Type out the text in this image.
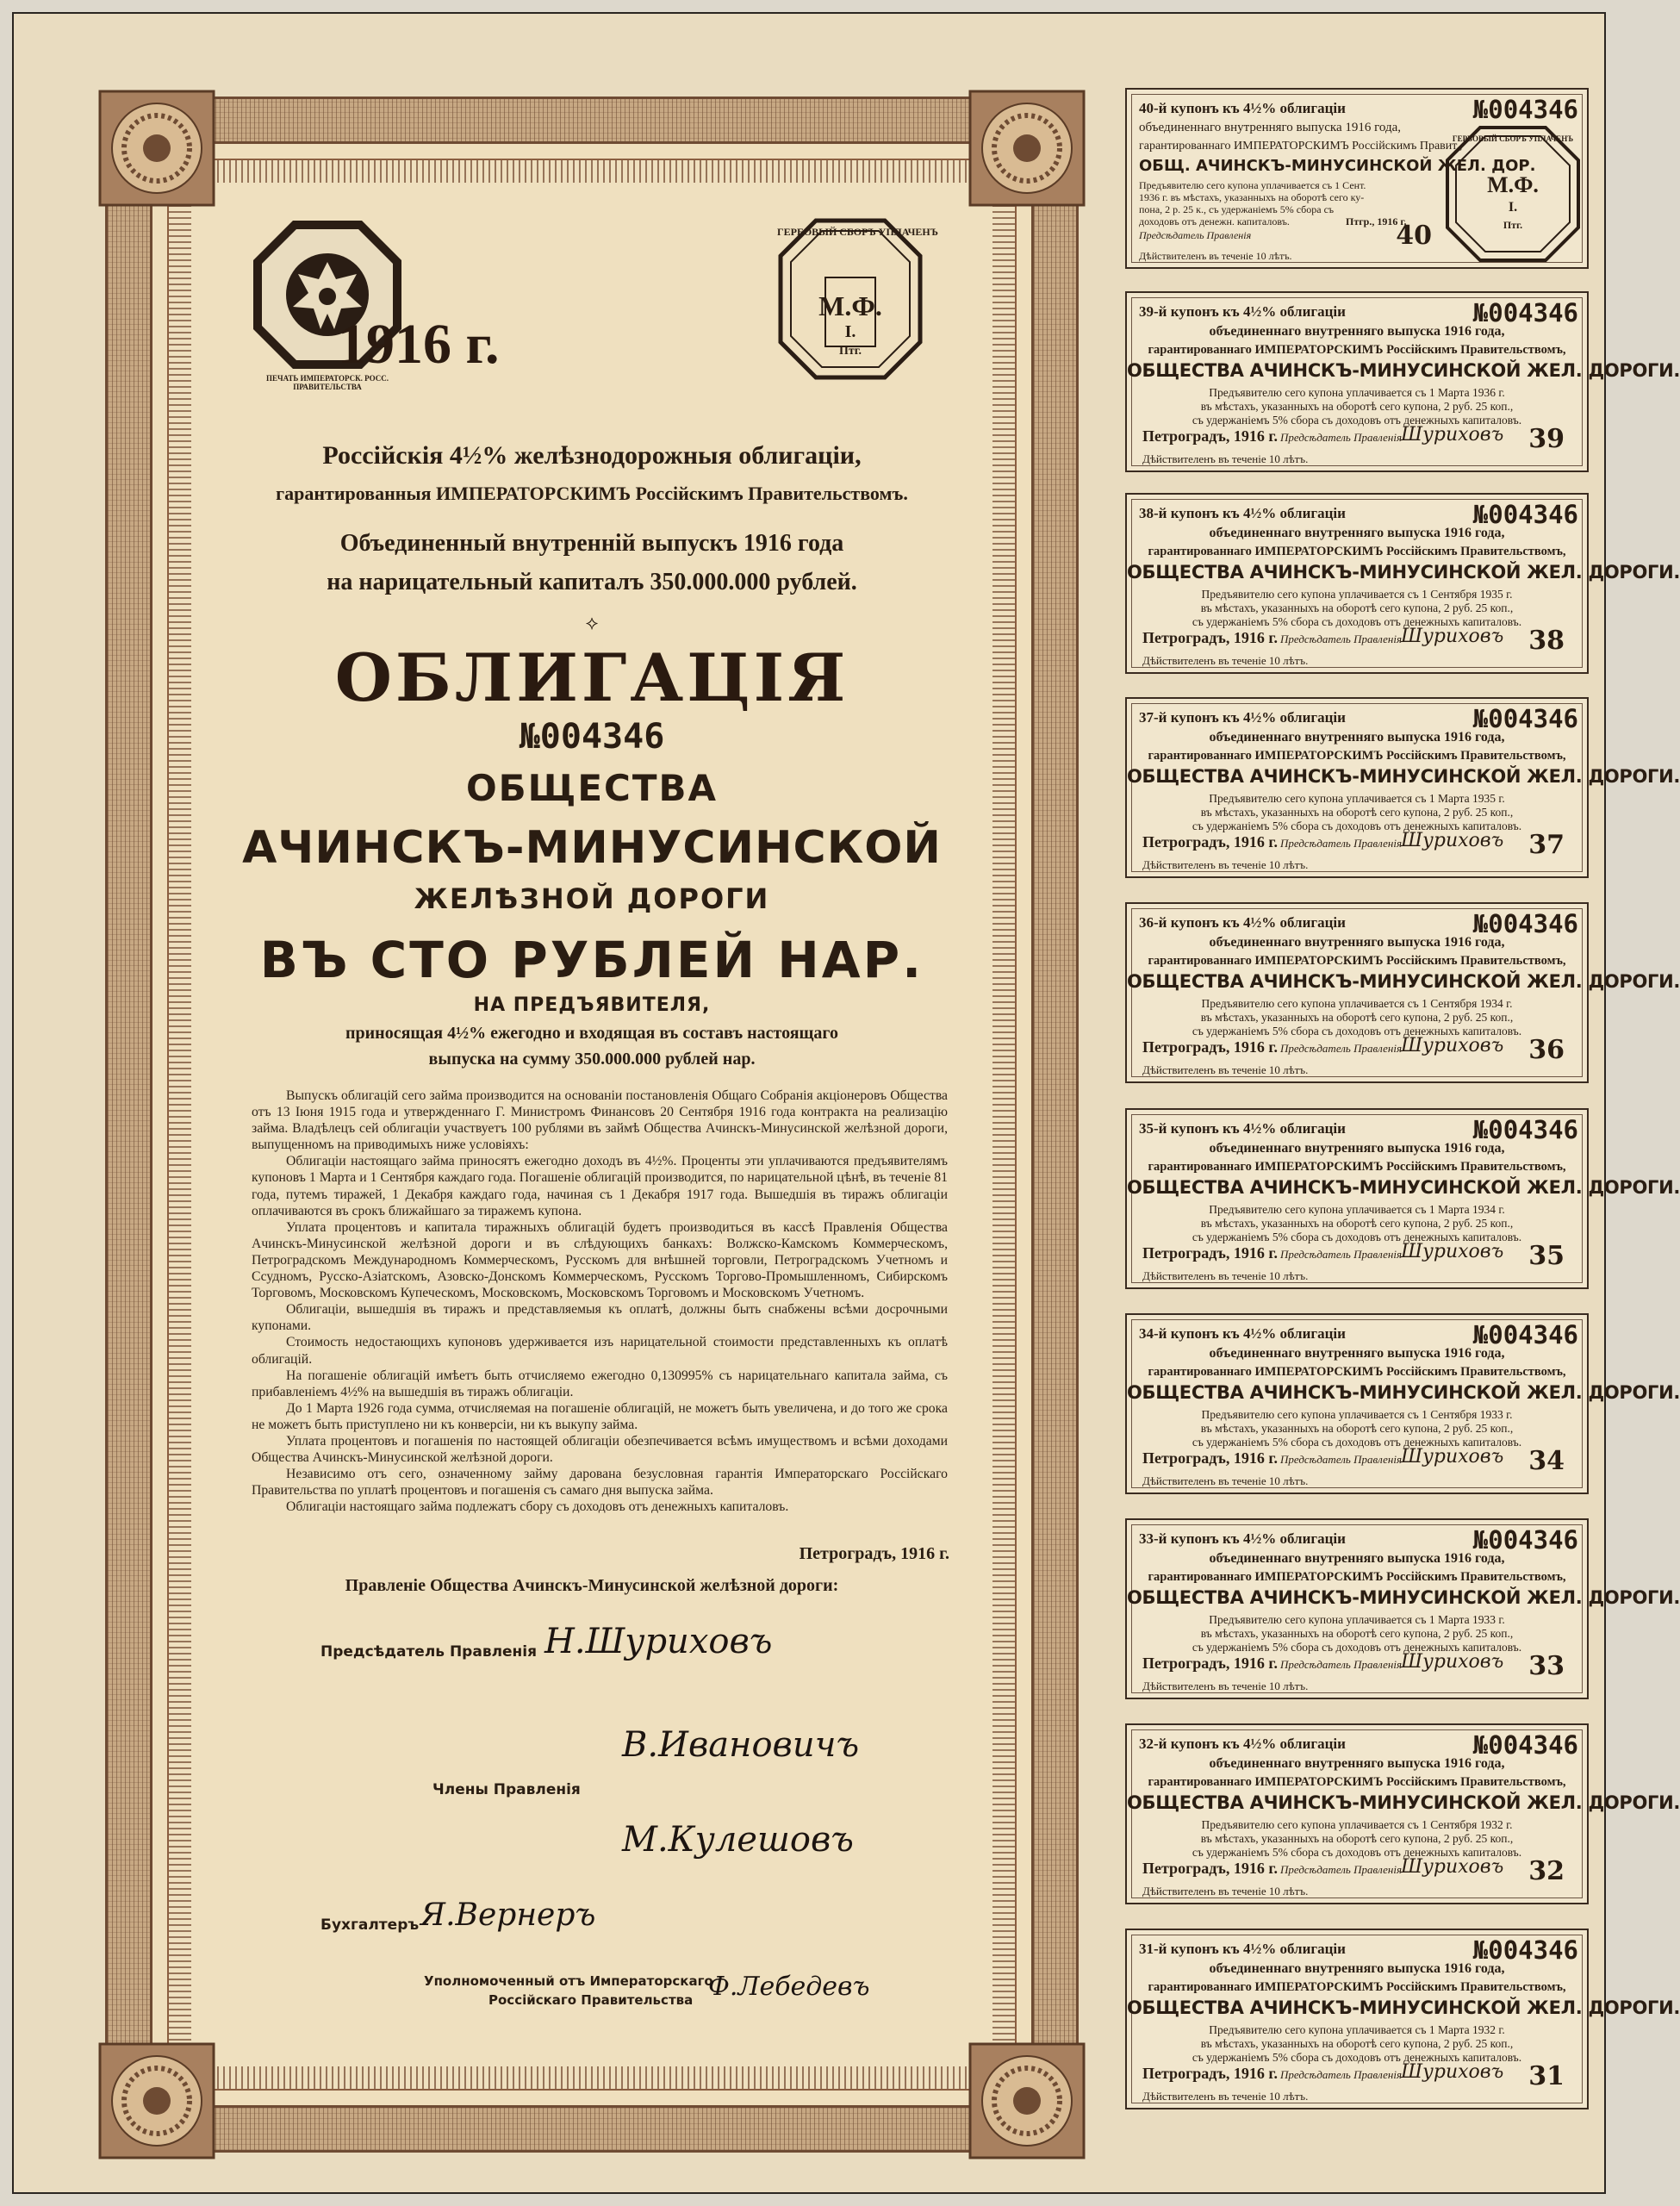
ГЕРБОВЫЙ СБОРЪ УПЛАЧЕНЪ
М.Ф.
I.
Птг.
ПЕЧАТЬ ИМПЕРАТОРСК. РОСС. ПРАВИТЕЛЬСТВА
1916 г.
Россiйскiя 4½% желѣзнодорожныя облигацiи,
гарантированныя ИМПЕРАТОРСКИМЪ Россiйскимъ Правительствомъ.
Объединенный внутреннiй выпускъ 1916 года
на нарицательный капиталъ 350.000.000 рублей.
⟡
ОБЛИГАЦIЯ
№004346
ОБЩЕСТВА
АЧИНСКЪ-МИНУСИНСКОЙ
ЖЕЛѢЗНОЙ ДОРОГИ
ВЪ СТО РУБЛЕЙ НАР.
НА ПРЕДЪЯВИТЕЛЯ,
приносящая 4½% ежегодно и входящая въ составъ настоящаго
выпуска на сумму 350.000.000 рублей нар.

Выпускъ облигацiй сего займа производится на основанiи постановленiя Общаго Собранiя акцiонеровъ Общества отъ 13 Iюня 1915 года и утвержденнаго Г. Министромъ Финансовъ 20 Сентября 1916 года контракта на реализацiю займа. Владѣлецъ сей облигацiи участвуетъ 100 рублями въ займѣ Общества Ачинскъ-Минусинской желѣзной дороги, выпущенномъ на приводимыхъ ниже условiяхъ:

Облигацiи настоящаго займа приносятъ ежегодно доходъ въ 4½%. Проценты эти уплачиваются предъявителямъ купоновъ 1 Марта и 1 Сентября каждаго года. Погашенiе облигацiй производится, по нарицательной цѣнѣ, въ теченiе 81 года, путемъ тиражей, 1 Декабря каждаго года, начиная съ 1 Декабря 1917 года. Вышедшiя въ тиражъ облигацiи оплачиваются въ срокъ ближайшаго за тиражемъ купона.

Уплата процентовъ и капитала тиражныхъ облигацiй будетъ производиться въ кассѣ Правленiя Общества Ачинскъ-Минусинской желѣзной дороги и въ слѣдующихъ банкахъ: Волжско-Камскомъ Коммерческомъ, Петроградскомъ Международномъ Коммерческомъ, Русскомъ для внѣшней торговли, Петроградскомъ Учетномъ и Ссудномъ, Русско-Азiатскомъ, Азовско-Донскомъ Коммерческомъ, Русскомъ Торгово-Промышленномъ, Сибирскомъ Торговомъ, Московскомъ Купеческомъ, Московскомъ, Московскомъ Торговомъ и Московскомъ Учетномъ.

Облигацiи, вышедшiя въ тиражъ и представляемыя къ оплатѣ, должны быть снабжены всѣми досрочными купонами.

Стоимость недостающихъ купоновъ удерживается изъ нарицательной стоимости представленныхъ къ оплатѣ облигацiй.

На погашенiе облигацiй имѣетъ быть отчисляемо ежегодно 0,130995% съ нарицательнаго капитала займа, съ прибавленiемъ 4½% на вышедшiя въ тиражъ облигацiи.

До 1 Марта 1926 года сумма, отчисляемая на погашенiе облигацiй, не можетъ быть увеличена, и до того же срока не можетъ быть приступлено ни къ конверсiи, ни къ выкупу займа.

Уплата процентовъ и погашенiя по настоящей облигацiи обезпечивается всѣмъ имуществомъ и всѣми доходами Общества Ачинскъ-Минусинской желѣзной дороги.

Независимо отъ сего, означенному займу дарована безусловная гарантiя Императорскаго Россiйскаго Правительства по уплатѣ процентовъ и погашенiя съ самаго дня выпуска займа.

Облигацiи настоящаго займа подлежатъ сбору съ доходовъ отъ денежныхъ капиталовъ.

Петроградъ, 1916 г.
Правленiе Общества Ачинскъ-Минусинской желѣзной дороги:
Предсѣдатель Правленiя Н.Шуриховъ
Члены Правленiя
В.Ивановичъ
М.Кулешовъ
Бухгалтеръ Я.Вернеръ
Уполномоченный отъ Императорскаго
Россiйскаго Правительства Ф.Лебедевъ
40-й купонъ къ 4½% облигацiи	№004346
объединеннаго внутренняго выпуска 1916 года,
гарантированнаго ИМПЕРАТОРСКИМЪ Россiйскимъ Правит.,
ОБЩ. АЧИНСКЪ-МИНУСИНСКОЙ ЖЕЛ. ДОР.
Предъявителю сего купона уплачивается съ 1 Сент.
1936 г. въ мѣстахъ, указанныхъ на оборотѣ сего ку-
пона, 2 р. 25 к., съ удержанiемъ 5% сбора съ
доходовъ отъ денежн. капиталовъ.	Птгр., 1916 г.
Предсѣдатель Правленiя
Дѣйствителенъ въ теченiе 10 лѣтъ.
40
ГЕРБОВЫЙ СБОРЪ УПЛАЧЕНЪ
М.Ф.
I.
Птг.
39-й купонъ къ 4½% облигацiи	№004346
объединеннаго внутренняго выпуска 1916 года,
гарантированнаго ИМПЕРАТОРСКИМЪ Россiйскимъ Правительствомъ,
ОБЩЕСТВА АЧИНСКЪ-МИНУСИНСКОЙ ЖЕЛ. ДОРОГИ.
Предъявителю сего купона уплачивается съ 1 Марта 1936 г.
въ мѣстахъ, указанныхъ на оборотѣ сего купона, 2 руб. 25 коп.,
съ удержанiемъ 5% сбора съ доходовъ отъ денежныхъ капиталовъ.
Петроградъ, 1916 г. Предсѣдатель Правленiя Шуриховъ
Дѣйствителенъ въ теченiе 10 лѣтъ.
39
38-й купонъ къ 4½% облигацiи	№004346
объединеннаго внутренняго выпуска 1916 года,
гарантированнаго ИМПЕРАТОРСКИМЪ Россiйскимъ Правительствомъ,
ОБЩЕСТВА АЧИНСКЪ-МИНУСИНСКОЙ ЖЕЛ. ДОРОГИ.
Предъявителю сего купона уплачивается съ 1 Сентября 1935 г.
въ мѣстахъ, указанныхъ на оборотѣ сего купона, 2 руб. 25 коп.,
съ удержанiемъ 5% сбора съ доходовъ отъ денежныхъ капиталовъ.
Петроградъ, 1916 г. Предсѣдатель Правленiя Шуриховъ
Дѣйствителенъ въ теченiе 10 лѣтъ.
38
37-й купонъ къ 4½% облигацiи	№004346
объединеннаго внутренняго выпуска 1916 года,
гарантированнаго ИМПЕРАТОРСКИМЪ Россiйскимъ Правительствомъ,
ОБЩЕСТВА АЧИНСКЪ-МИНУСИНСКОЙ ЖЕЛ. ДОРОГИ.
Предъявителю сего купона уплачивается съ 1 Марта 1935 г.
въ мѣстахъ, указанныхъ на оборотѣ сего купона, 2 руб. 25 коп.,
съ удержанiемъ 5% сбора съ доходовъ отъ денежныхъ капиталовъ.
Петроградъ, 1916 г. Предсѣдатель Правленiя Шуриховъ
Дѣйствителенъ въ теченiе 10 лѣтъ.
37
36-й купонъ къ 4½% облигацiи	№004346
объединеннаго внутренняго выпуска 1916 года,
гарантированнаго ИМПЕРАТОРСКИМЪ Россiйскимъ Правительствомъ,
ОБЩЕСТВА АЧИНСКЪ-МИНУСИНСКОЙ ЖЕЛ. ДОРОГИ.
Предъявителю сего купона уплачивается съ 1 Сентября 1934 г.
въ мѣстахъ, указанныхъ на оборотѣ сего купона, 2 руб. 25 коп.,
съ удержанiемъ 5% сбора съ доходовъ отъ денежныхъ капиталовъ.
Петроградъ, 1916 г. Предсѣдатель Правленiя Шуриховъ
Дѣйствителенъ въ теченiе 10 лѣтъ.
36
35-й купонъ къ 4½% облигацiи	№004346
объединеннаго внутренняго выпуска 1916 года,
гарантированнаго ИМПЕРАТОРСКИМЪ Россiйскимъ Правительствомъ,
ОБЩЕСТВА АЧИНСКЪ-МИНУСИНСКОЙ ЖЕЛ. ДОРОГИ.
Предъявителю сего купона уплачивается съ 1 Марта 1934 г.
въ мѣстахъ, указанныхъ на оборотѣ сего купона, 2 руб. 25 коп.,
съ удержанiемъ 5% сбора съ доходовъ отъ денежныхъ капиталовъ.
Петроградъ, 1916 г. Предсѣдатель Правленiя Шуриховъ
Дѣйствителенъ въ теченiе 10 лѣтъ.
35
34-й купонъ къ 4½% облигацiи	№004346
объединеннаго внутренняго выпуска 1916 года,
гарантированнаго ИМПЕРАТОРСКИМЪ Россiйскимъ Правительствомъ,
ОБЩЕСТВА АЧИНСКЪ-МИНУСИНСКОЙ ЖЕЛ. ДОРОГИ.
Предъявителю сего купона уплачивается съ 1 Сентября 1933 г.
въ мѣстахъ, указанныхъ на оборотѣ сего купона, 2 руб. 25 коп.,
съ удержанiемъ 5% сбора съ доходовъ отъ денежныхъ капиталовъ.
Петроградъ, 1916 г. Предсѣдатель Правленiя Шуриховъ
Дѣйствителенъ въ теченiе 10 лѣтъ.
34
33-й купонъ къ 4½% облигацiи	№004346
объединеннаго внутренняго выпуска 1916 года,
гарантированнаго ИМПЕРАТОРСКИМЪ Россiйскимъ Правительствомъ,
ОБЩЕСТВА АЧИНСКЪ-МИНУСИНСКОЙ ЖЕЛ. ДОРОГИ.
Предъявителю сего купона уплачивается съ 1 Марта 1933 г.
въ мѣстахъ, указанныхъ на оборотѣ сего купона, 2 руб. 25 коп.,
съ удержанiемъ 5% сбора съ доходовъ отъ денежныхъ капиталовъ.
Петроградъ, 1916 г. Предсѣдатель Правленiя Шуриховъ
Дѣйствителенъ въ теченiе 10 лѣтъ.
33
32-й купонъ къ 4½% облигацiи	№004346
объединеннаго внутренняго выпуска 1916 года,
гарантированнаго ИМПЕРАТОРСКИМЪ Россiйскимъ Правительствомъ,
ОБЩЕСТВА АЧИНСКЪ-МИНУСИНСКОЙ ЖЕЛ. ДОРОГИ.
Предъявителю сего купона уплачивается съ 1 Сентября 1932 г.
въ мѣстахъ, указанныхъ на оборотѣ сего купона, 2 руб. 25 коп.,
съ удержанiемъ 5% сбора съ доходовъ отъ денежныхъ капиталовъ.
Петроградъ, 1916 г. Предсѣдатель Правленiя Шуриховъ
Дѣйствителенъ въ теченiе 10 лѣтъ.
32
31-й купонъ къ 4½% облигацiи	№004346
объединеннаго внутренняго выпуска 1916 года,
гарантированнаго ИМПЕРАТОРСКИМЪ Россiйскимъ Правительствомъ,
ОБЩЕСТВА АЧИНСКЪ-МИНУСИНСКОЙ ЖЕЛ. ДОРОГИ.
Предъявителю сего купона уплачивается съ 1 Марта 1932 г.
въ мѣстахъ, указанныхъ на оборотѣ сего купона, 2 руб. 25 коп.,
съ удержанiемъ 5% сбора съ доходовъ отъ денежныхъ капиталовъ.
Петроградъ, 1916 г. Предсѣдатель Правленiя Шуриховъ
Дѣйствителенъ въ теченiе 10 лѣтъ.
31
